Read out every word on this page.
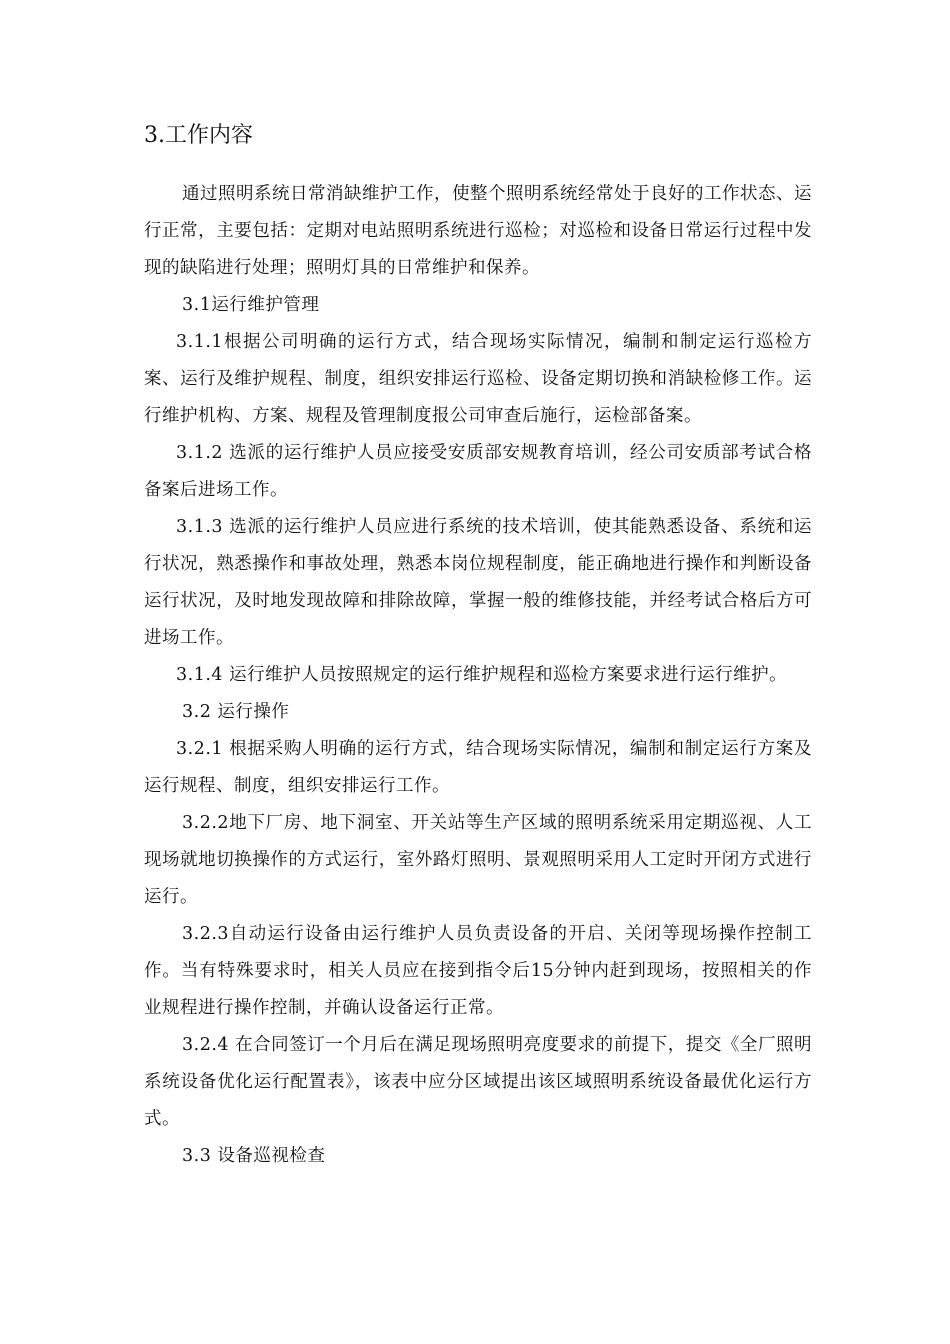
3.工作内容

通过照明系统日常消缺维护工作，使整个照明系统经常处于良好的工作状态、运行正常，主要包括：定期对电站照明系统进行巡检；对巡检和设备日常运行过程中发现的缺陷进行处理；照明灯具的日常维护和保养。

3.1运行维护管理

3.1.1根据公司明确的运行方式，结合现场实际情况，编制和制定运行巡检方案、运行及维护规程、制度，组织安排运行巡检、设备定期切换和消缺检修工作。运行维护机构、方案、规程及管理制度报公司审查后施行，运检部备案。

3.1.2 选派的运行维护人员应接受安质部安规教育培训，经公司安质部考试合格备案后进场工作。

3.1.3 选派的运行维护人员应进行系统的技术培训，使其能熟悉设备、系统和运行状况，熟悉操作和事故处理，熟悉本岗位规程制度，能正确地进行操作和判断设备运行状况，及时地发现故障和排除故障，掌握一般的维修技能，并经考试合格后方可进场工作。

3.1.4 运行维护人员按照规定的运行维护规程和巡检方案要求进行运行维护。

3.2 运行操作

3.2.1 根据采购人明确的运行方式，结合现场实际情况，编制和制定运行方案及运行规程、制度，组织安排运行工作。

3.2.2地下厂房、地下洞室、开关站等生产区域的照明系统采用定期巡视、人工现场就地切换操作的方式运行，室外路灯照明、景观照明采用人工定时开闭方式进行运行。

3.2.3自动运行设备由运行维护人员负责设备的开启、关闭等现场操作控制工作。当有特殊要求时，相关人员应在接到指令后15分钟内赶到现场，按照相关的作业规程进行操作控制，并确认设备运行正常。

3.2.4 在合同签订一个月后在满足现场照明亮度要求的前提下，提交《全厂照明系统设备优化运行配置表》，该表中应分区域提出该区域照明系统设备最优化运行方式。

3.3 设备巡视检查
